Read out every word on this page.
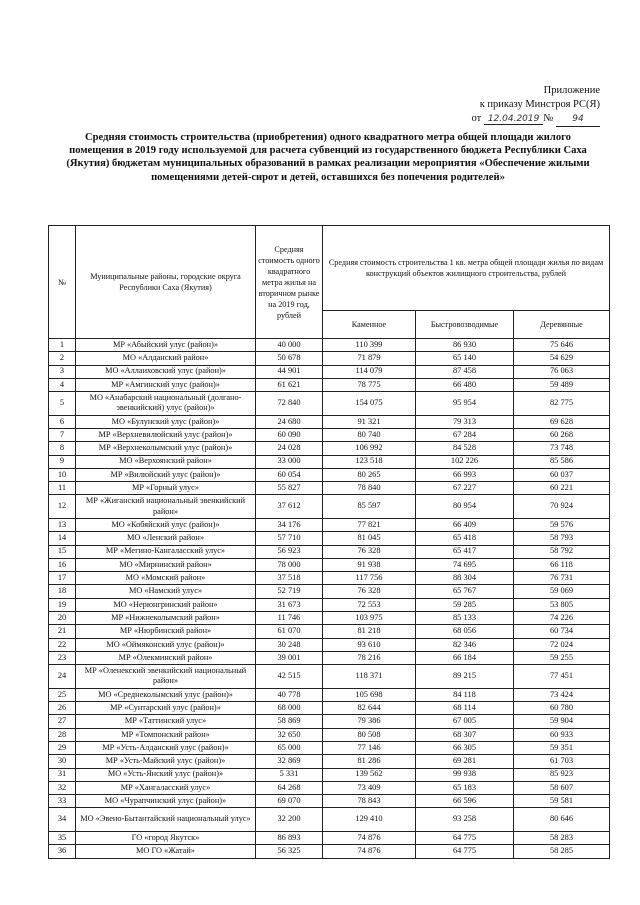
Приложение
к приказу Минстроя РС(Я)
от 12.04.2019 № 94
Средняя стоимость строительства (приобретения) одного квадратного метра общей площади жилого помещения в 2019 году используемой для расчета субвенций из государственного бюджета Республики Саха (Якутия) бюджетам муниципальных образований в рамках реализации мероприятия «Обеспечение жилыми помещениями детей-сирот и детей, оставшихся без попечения родителей»
№	Муниципальные районы, городские округа Республики Саха (Якутия)	Средняя стоимость одного квадратного метра жилья на вторичном рынке на 2019 год, рублей	Средняя стоимость строительства 1 кв. метра общей площади жилья по видам конструкций объектов жилищного строительства, рублей		
			Каменное	Быстровозводимые	Деревянные
1	МР «Абыйский улус (район)»	40 000	110 399	86 930	75 646
2	МО «Алданский район»	50 678	71 879	65 140	54 629
3	МО «Аллаиховский улус (район)»	44 901	114 079	87 458	76 063
4	МР «Амгинский улус (район)»	61 621	78 775	66 480	59 489
5	МО «Анабарский национальный (долгано-эвенкийский) улус (район)»	72 840	154 075	95 954	82 775
6	МО «Булунский улус (район)»	24 680	91 321	79 313	69 628
7	МР «Верхневилюйский улус (район)»	60 090	80 740	67 284	60 268
8	МР «Верхнеколымский улус (район)»	24 028	106 992	84 528	73 748
9	МО «Верхоянский район»	33 000	123 518	102 226	85 586
10	МР «Вилюйский улус (район)»	60 054	80 265	66 993	60 037
11	МР «Горный улус»	55 827	78 840	67 227	60 221
12	МР «Жиганский национальный эвенкийский район»	37 612	85 597	80 954	70 924
13	МО «Кобяйский улус (район)»	34 176	77 821	66 409	59 576
14	МО «Ленский район»	57 710	81 045	65 418	58 793
15	МР «Мегино-Кангаласский улус»	56 923	76 328	65 417	58 792
16	МО «Мирнинский район»	78 000	91 938	74 695	66 118
17	МО «Момский район»	37 518	117 756	88 304	76 731
18	МО «Намский улус»	52 719	76 328	65 767	59 069
19	МО «Нерюнгринский район»	31 673	72 553	59 285	53 805
20	МР «Нижнеколымский район»	11 746	103 975	85 133	74 226
21	МР «Нюрбинский район»	61 070	81 218	68 056	60 734
22	МО «Оймяконский улус (район)»	30 248	93 610	82 346	72 024
23	МР «Олекминский район»	39 001	78 216	66 184	59 255
24	МР «Оленекский эвенкийский национальный район»	42 515	118 371	89 215	77 451
25	МО «Среднеколымский улус (район)»	40 778	105 698	84 118	73 424
26	МР «Сунтарский улус (район)»	68 000	82 644	68 114	60 780
27	МР «Таттинский улус»	58 869	79 386	67 005	59 904
28	МР «Томпонский район»	32 650	80 508	68 307	60 933
29	МР «Усть-Алданский улус (район)»	65 000	77 146	66 305	59 351
30	МР «Усть-Майский улус (район)»	32 869	81 286	69 281	61 703
31	МО «Усть-Янский улус (район)»	5 331	139 562	99 938	85 923
32	МР «Хангаласский улус»	64 268	73 409	65 183	58 607
33	МО «Чурапчинский улус (район)»	69 070	78 843	66 596	59 581
34	МО «Эвено-Бытантайский национальный улус»	32 200	129 410	93 258	80 646
35	ГО «город Якутск»	86 893	74 876	64 775	58 283
36	МО ГО «Жатай»	56 325	74 876	64 775	58 285
